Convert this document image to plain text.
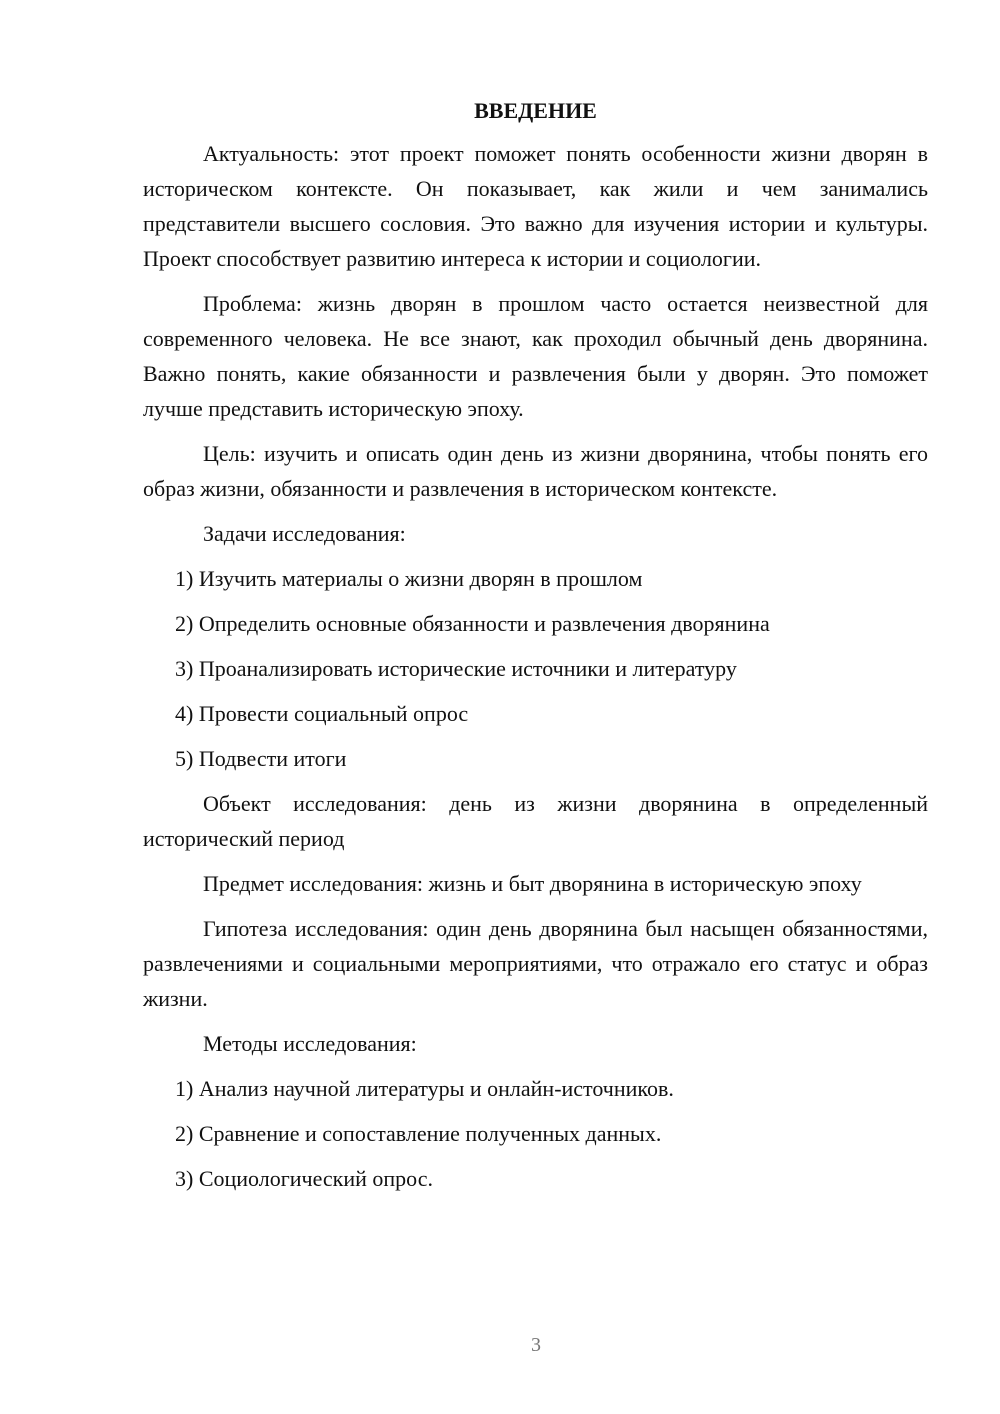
ВВЕДЕНИЕ

Актуальность: этот проект поможет понять особенности жизни дворян в историческом контексте. Он показывает, как жили и чем занимались представители высшего сословия. Это важно для изучения истории и культуры. Проект способствует развитию интереса к истории и социологии.

Проблема: жизнь дворян в прошлом часто остается неизвестной для современного человека. Не все знают, как проходил обычный день дворянина. Важно понять, какие обязанности и развлечения были у дворян. Это поможет лучше представить историческую эпоху.

Цель: изучить и описать один день из жизни дворянина, чтобы понять его образ жизни, обязанности и развлечения в историческом контексте.

Задачи исследования:

1) Изучить материалы о жизни дворян в прошлом
2) Определить основные обязанности и развлечения дворянина
3) Проанализировать исторические источники и литературу
4) Провести социальный опрос
5) Подвести итоги

Объект исследования: день из жизни дворянина в определенный исторический период

Предмет исследования: жизнь и быт дворянина в историческую эпоху

Гипотеза исследования: один день дворянина был насыщен обязанностями, развлечениями и социальными мероприятиями, что отражало его статус и образ жизни.

Методы исследования:

1) Анализ научной литературы и онлайн-источников.
2) Сравнение и сопоставление полученных данных.
3) Социологический опрос.
3
